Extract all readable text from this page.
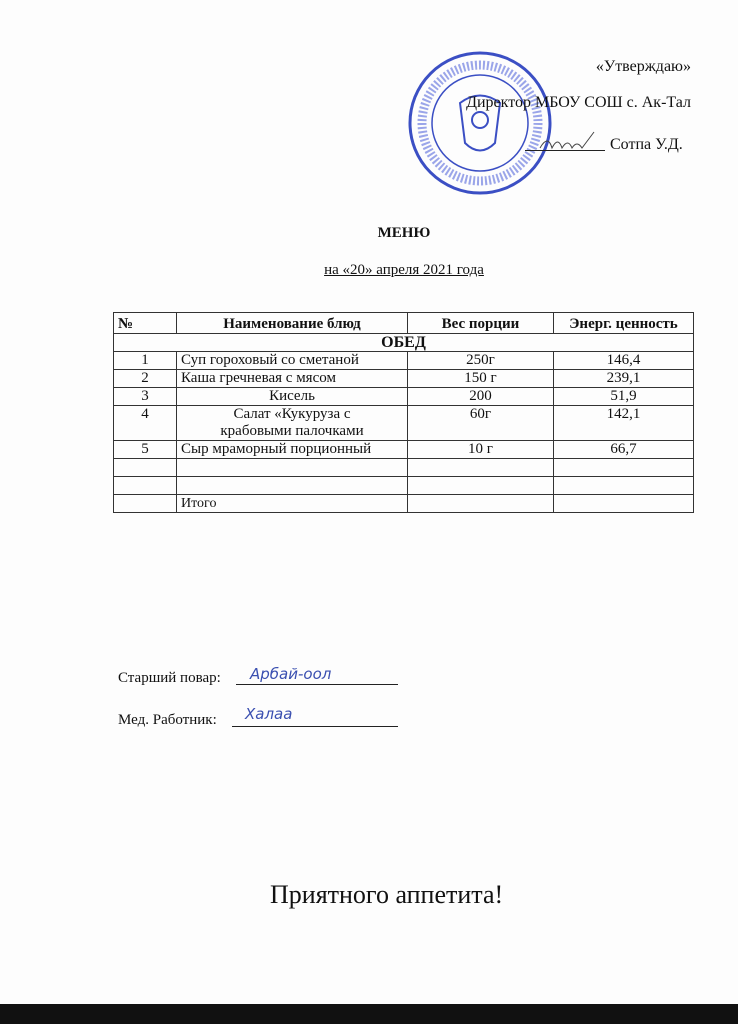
«Утверждаю»
Директор МБОУ СОШ с. Ак-Тал
Сотпа У.Д.
МЕНЮ
на «20» апреля 2021 года
№	Наименование блюд	Вес порции	Энерг. ценность
ОБЕД			
1	Суп гороховый со сметаной	250г	146,4
2	Каша гречневая с мясом	150 г	239,1
3	Кисель	200	51,9
4	Салат «Кукуруза с крабовыми палочками	60г	142,1
5	Сыр мраморный порционный	10 г	66,7

	Итого		
Старший повар: Арбай-оол
Мед. Работник: Халаа
Приятного аппетита!
